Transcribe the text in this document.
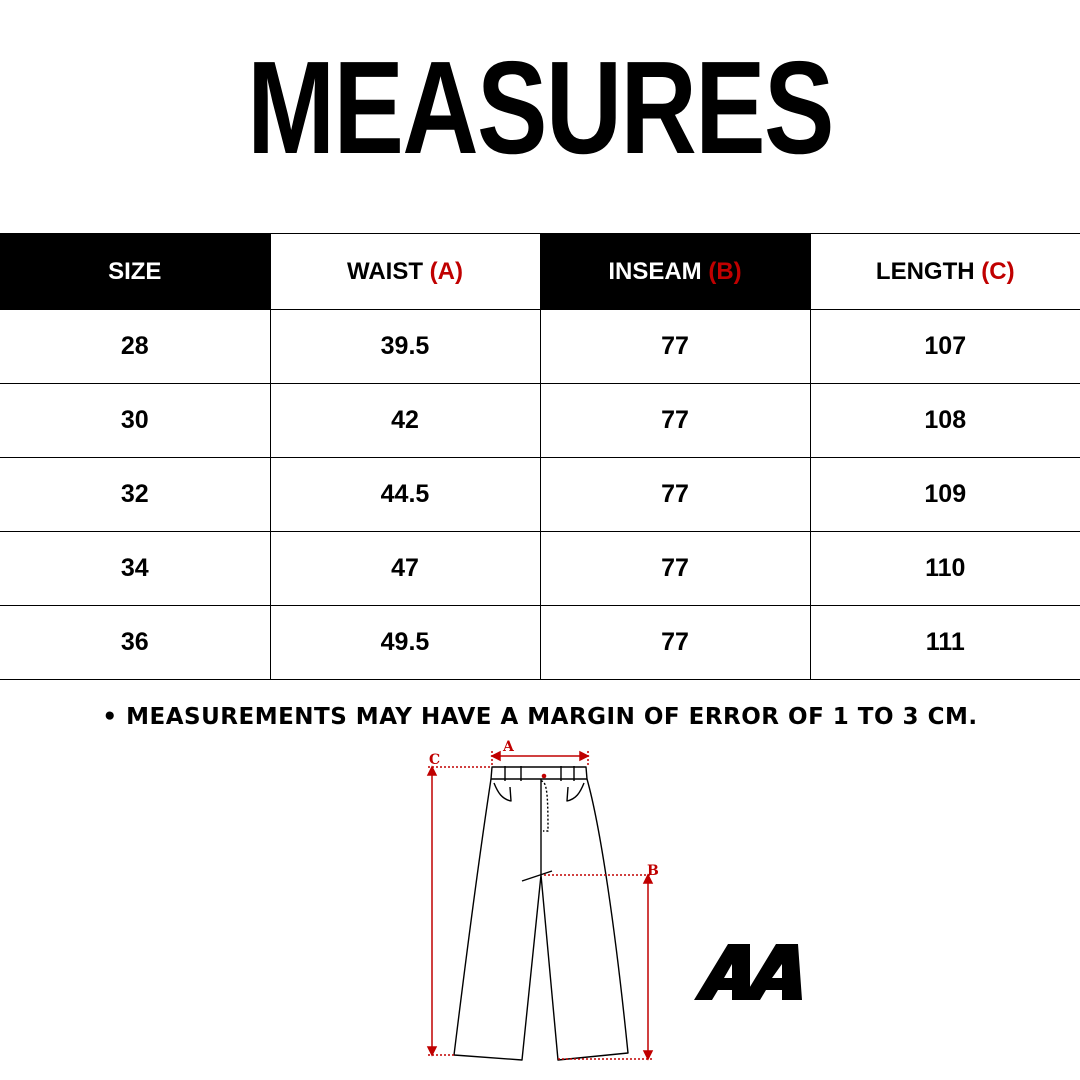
MEASURES
SIZE	WAIST (A)	INSEAM (B)	LENGTH (C)
28	39.5	77	107
30	42	77	108
32	44.5	77	109
34	47	77	110
36	49.5	77	111
• MEASUREMENTS MAY HAVE A MARGIN OF ERROR OF 1 TO 3 CM.
A
C
B
